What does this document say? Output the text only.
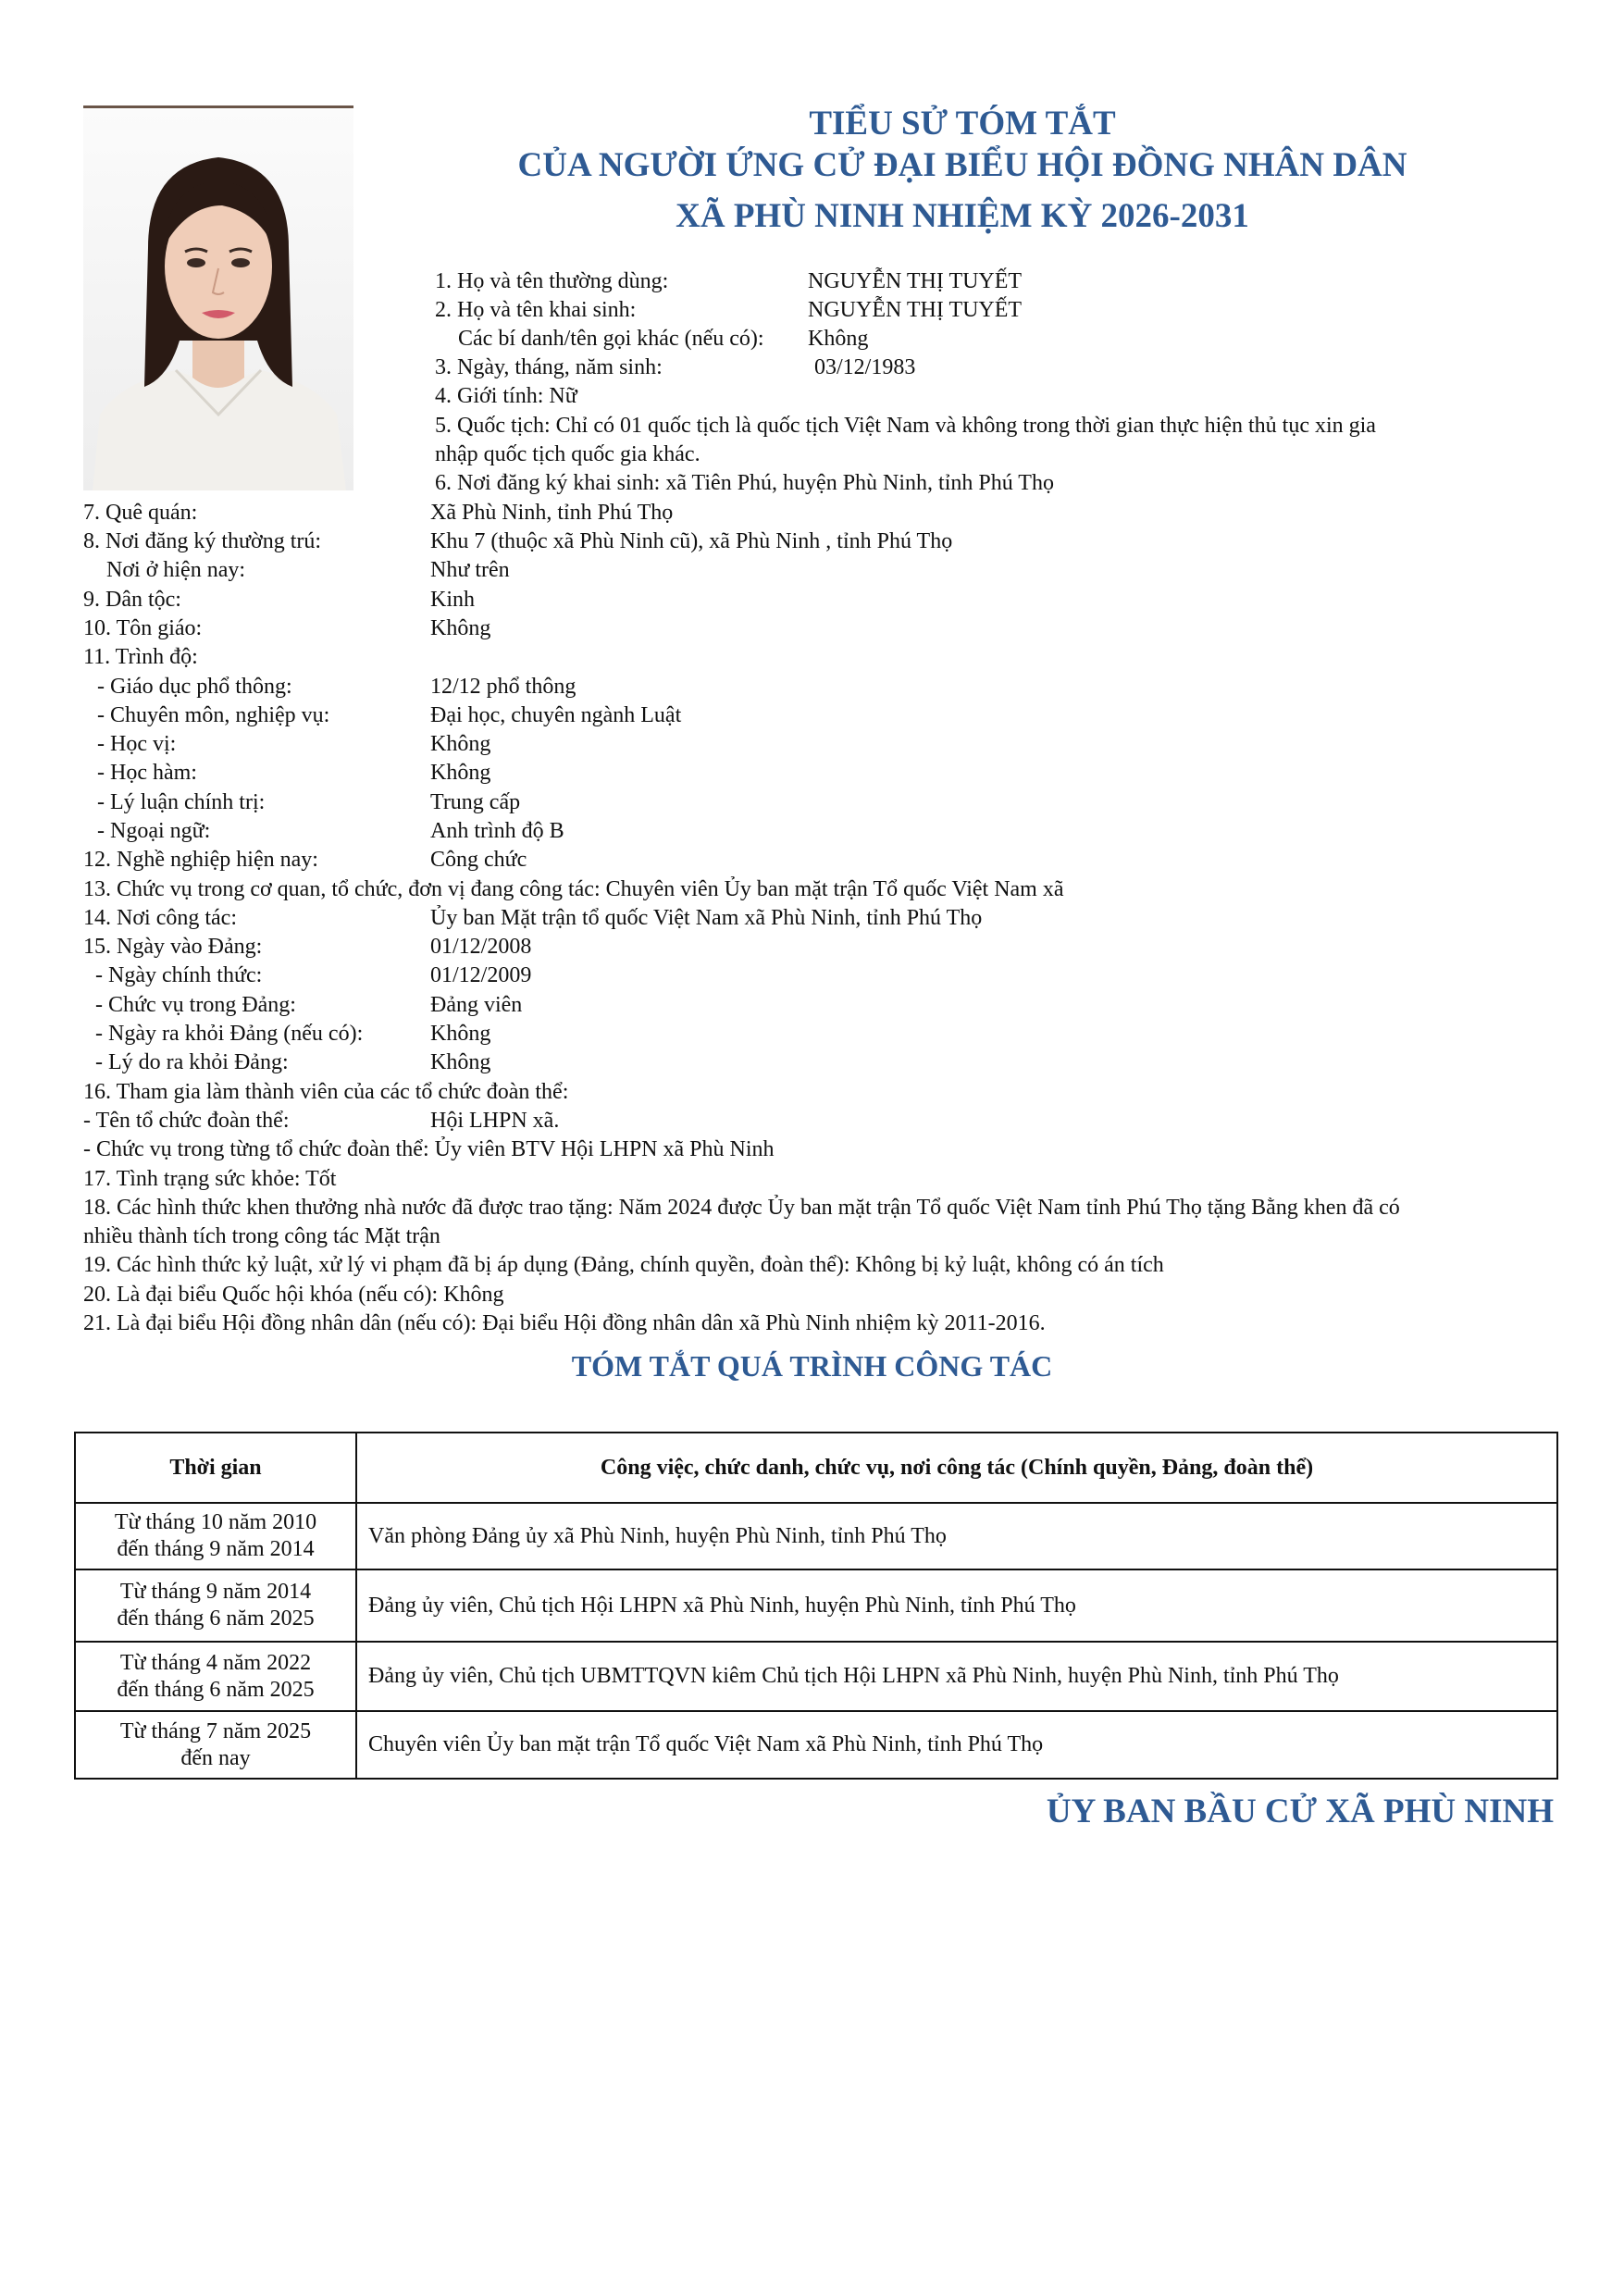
TIỂU SỬ TÓM TẮT
CỦA NGƯỜI ỨNG CỬ ĐẠI BIỂU HỘI ĐỒNG NHÂN DÂN
XÃ PHÙ NINH NHIỆM KỲ 2026-2031
1. Họ và tên thường dùng:	NGUYỄN THỊ TUYẾT
2. Họ và tên khai sinh:	NGUYỄN THỊ TUYẾT
Các bí danh/tên gọi khác (nếu có): Không
3. Ngày, tháng, năm sinh:	03/12/1983
4. Giới tính: Nữ
5. Quốc tịch: Chỉ có 01 quốc tịch là quốc tịch Việt Nam và không trong thời gian thực hiện thủ tục xin gia
nhập quốc tịch quốc gia khác.
6. Nơi đăng ký khai sinh: xã Tiên Phú, huyện Phù Ninh, tỉnh Phú Thọ
7. Quê quán:	Xã Phù Ninh, tỉnh Phú Thọ
8. Nơi đăng ký thường trú:	Khu 7 (thuộc xã Phù Ninh cũ), xã Phù Ninh , tỉnh Phú Thọ
Nơi ở hiện nay:	Như trên
9. Dân tộc:	Kinh
10. Tôn giáo:	Không
11. Trình độ:
- Giáo dục phổ thông:	12/12 phổ thông
- Chuyên môn, nghiệp vụ:	Đại học, chuyên ngành Luật
- Học vị:	Không
- Học hàm:	Không
- Lý luận chính trị:	Trung cấp
- Ngoại ngữ:	Anh trình độ B
12. Nghề nghiệp hiện nay:	Công chức
13. Chức vụ trong cơ quan, tổ chức, đơn vị đang công tác: Chuyên viên Ủy ban mặt trận Tổ quốc Việt Nam xã
14. Nơi công tác:	Ủy ban Mặt trận tổ quốc Việt Nam xã Phù Ninh, tỉnh Phú Thọ
15. Ngày vào Đảng:	01/12/2008
- Ngày chính thức:	01/12/2009
- Chức vụ trong Đảng:	Đảng viên
- Ngày ra khỏi Đảng (nếu có):	Không
- Lý do ra khỏi Đảng:	Không
16. Tham gia làm thành viên của các tổ chức đoàn thể:
- Tên tổ chức đoàn thể:	Hội LHPN xã.
- Chức vụ trong từng tổ chức đoàn thể: Ủy viên BTV Hội LHPN xã Phù Ninh
17. Tình trạng sức khỏe: Tốt
18. Các hình thức khen thưởng nhà nước đã được trao tặng: Năm 2024 được Ủy ban mặt trận Tổ quốc Việt Nam tỉnh Phú Thọ tặng Bằng khen đã có
nhiều thành tích trong công tác Mặt trận
19. Các hình thức kỷ luật, xử lý vi phạm đã bị áp dụng (Đảng, chính quyền, đoàn thể): Không bị kỷ luật, không có án tích
20. Là đại biểu Quốc hội khóa (nếu có): Không
21. Là đại biểu Hội đồng nhân dân (nếu có): Đại biểu Hội đồng nhân dân xã Phù Ninh nhiệm kỳ 2011-2016.
TÓM TẮT QUÁ TRÌNH CÔNG TÁC
Thời gian	Công việc, chức danh, chức vụ, nơi công tác (Chính quyền, Đảng, đoàn thể)

Từ tháng 10 năm 2010
đến tháng 9 năm 2014	Văn phòng Đảng ủy xã Phù Ninh, huyện Phù Ninh, tỉnh Phú Thọ

Từ tháng 9 năm 2014
đến tháng 6 năm 2025	Đảng ủy viên, Chủ tịch Hội LHPN xã Phù Ninh, huyện Phù Ninh, tỉnh Phú Thọ

Từ tháng 4 năm 2022
đến tháng 6 năm 2025	Đảng ủy viên, Chủ tịch UBMTTQVN kiêm Chủ tịch Hội LHPN xã Phù Ninh, huyện Phù Ninh, tỉnh Phú Thọ

Từ tháng 7 năm 2025
đến nay	Chuyên viên Ủy ban mặt trận Tổ quốc Việt Nam xã Phù Ninh, tỉnh Phú Thọ
ỦY BAN BẦU CỬ XÃ PHÙ NINH
